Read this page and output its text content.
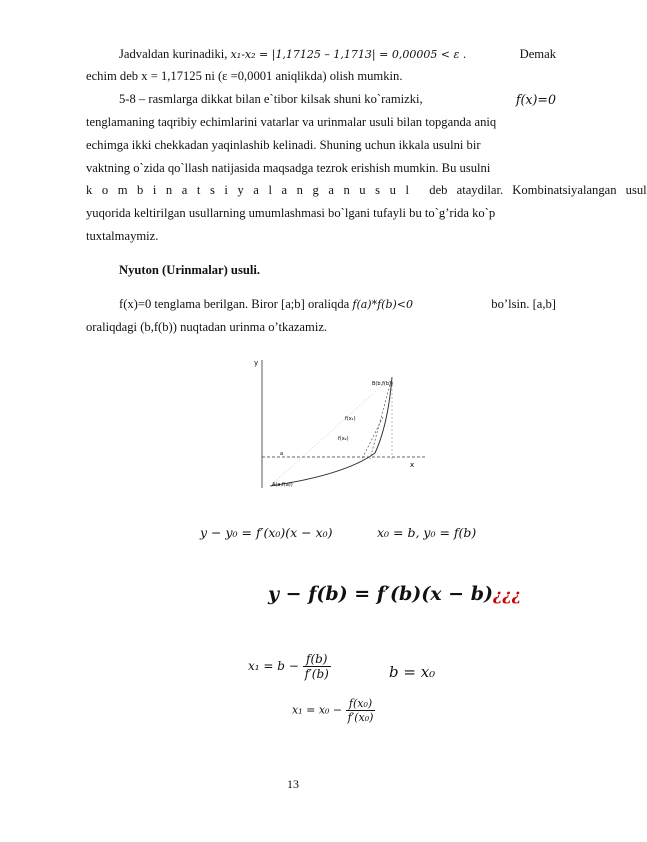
Jadvaldan kurinadiki, x₁-x₂ = |1,17125 – 1,1713| = 0,00005 < ε .	Demak
echim deb x = 1,17125 ni (ε =0,0001 aniqlikda) olish mumkin.
5-8 – rasmlarga dikkat bilan e`tibor kilsak shuni ko`ramizki,	f(x)=0
tenglamaning taqribiy echimlarini vatarlar va urinmalar usuli bilan topganda aniq
echimga ikki chekkadan yaqinlashib kelinadi. Shuning uchun ikkala usulni bir
vaktning o`zida qo`llash natijasida maqsadga tezrok erishish mumkin. Bu usulni
k o m b i n a t s i y a l a n g a n u s u l deb ataydilar. Kombinatsiyalangan usul
yuqorida keltirilgan usullarning umumlashmasi bo`lgani tufayli bu to`g’rida ko`p
tuxtalmaymiz.
Nyuton (Urinmalar) usuli.
f(x)=0 tenglama berilgan. Biror [a;b] oraliqda f(a)*f(b)<0	bo’lsin. [a,b]
oraliqdagi (b,f(b)) nuqtadan urinma o’tkazamiz.
y
x
B(b,f(b))
f(x₁)
f(x₂)
a
A(a,f(a))
y − y₀ = f′(x₀)(x − x₀)	x₀ = b, y₀ = f(b)
y − f(b) = f′(b)(x − b)¿¿¿
$x_1 = b - \frac{f(b)}{f'(b)}$	b = x₀
$x_1 = x_0 - \frac{\text{f(x₀)}}{\text{f′(x₀)}}$
13
